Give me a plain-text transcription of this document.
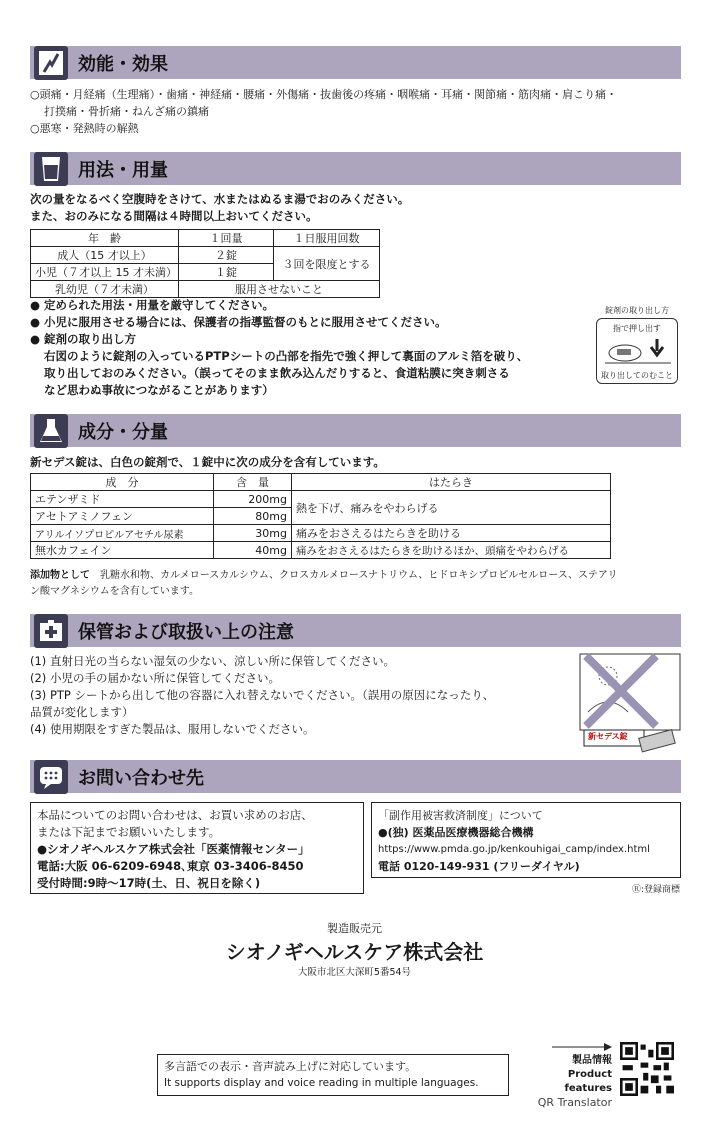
効能・効果
○頭痛・月経痛（生理痛）・歯痛・神経痛・腰痛・外傷痛・抜歯後の疼痛・咽喉痛・耳痛・関節痛・筋肉痛・肩こり痛・
打撲痛・骨折痛・ねんざ痛の鎮痛
○悪寒・発熱時の解熱
用法・用量
次の量をなるべく空腹時をさけて、水またはぬるま湯でおのみください。
また、おのみになる間隔は４時間以上おいてください。
年　齢	１回量	１日服用回数
成人（15 才以上）	２錠	３回を限度とする
小児（７才以上 15 才未満）	１錠	
乳幼児（７才未満）	服用させないこと	
● 定められた用法・用量を厳守してください。
● 小児に服用させる場合には、保護者の指導監督のもとに服用させてください。
● 錠剤の取り出し方
右図のように錠剤の入っているPTPシートの凸部を指先で強く押して裏面のアルミ箔を破り、
取り出しておのみください。（誤ってそのまま飲み込んだりすると、食道粘膜に突き刺さる
など思わぬ事故につながることがあります）
錠剤の取り出し方
指で押し出す
取り出してのむこと
成分・分量
新セデス錠は、白色の錠剤で、１錠中に次の成分を含有しています。
成　分	含　量	はたらき
エテンザミド	200mg	熱を下げ、痛みをやわらげる
アセトアミノフェン	80mg	
アリルイソプロピルアセチル尿素	30mg	痛みをおさえるはたらきを助ける
無水カフェイン	40mg	痛みをおさえるはたらきを助けるほか、頭痛をやわらげる
添加物として　乳糖水和物、カルメロースカルシウム、クロスカルメロースナトリウム、ヒドロキシプロピルセルロース、ステアリ
ン酸マグネシウムを含有しています。
保管および取扱い上の注意
(1) 直射日光の当らない湿気の少ない、涼しい所に保管してください。
(2) 小児の手の届かない所に保管してください。
(3) PTP シートから出して他の容器に入れ替えないでください。（誤用の原因になったり、
品質が変化します）
(4) 使用期限をすぎた製品は、服用しないでください。
新セデス錠
お問い合わせ先
本品についてのお問い合わせは、お買い求めのお店、
または下記までお願いいたします。
●シオノギヘルスケア株式会社「医薬情報センター」
電話:大阪 06-6209-6948､東京 03-3406-8450
受付時間:9時～17時(土、日、祝日を除く)
「副作用被害救済制度」について
●(独) 医薬品医療機器総合機構
https://www.pmda.go.jp/kenkouhigai_camp/index.html
電話 0120-149-931 (フリーダイヤル)
Ⓡ:登録商標
製造販売元
シオノギヘルスケア株式会社
大阪市北区大深町5番54号
多言語での表示・音声読み上げに対応しています。
It supports display and voice reading in multiple languages.
製品情報
Product features
QR Translator
